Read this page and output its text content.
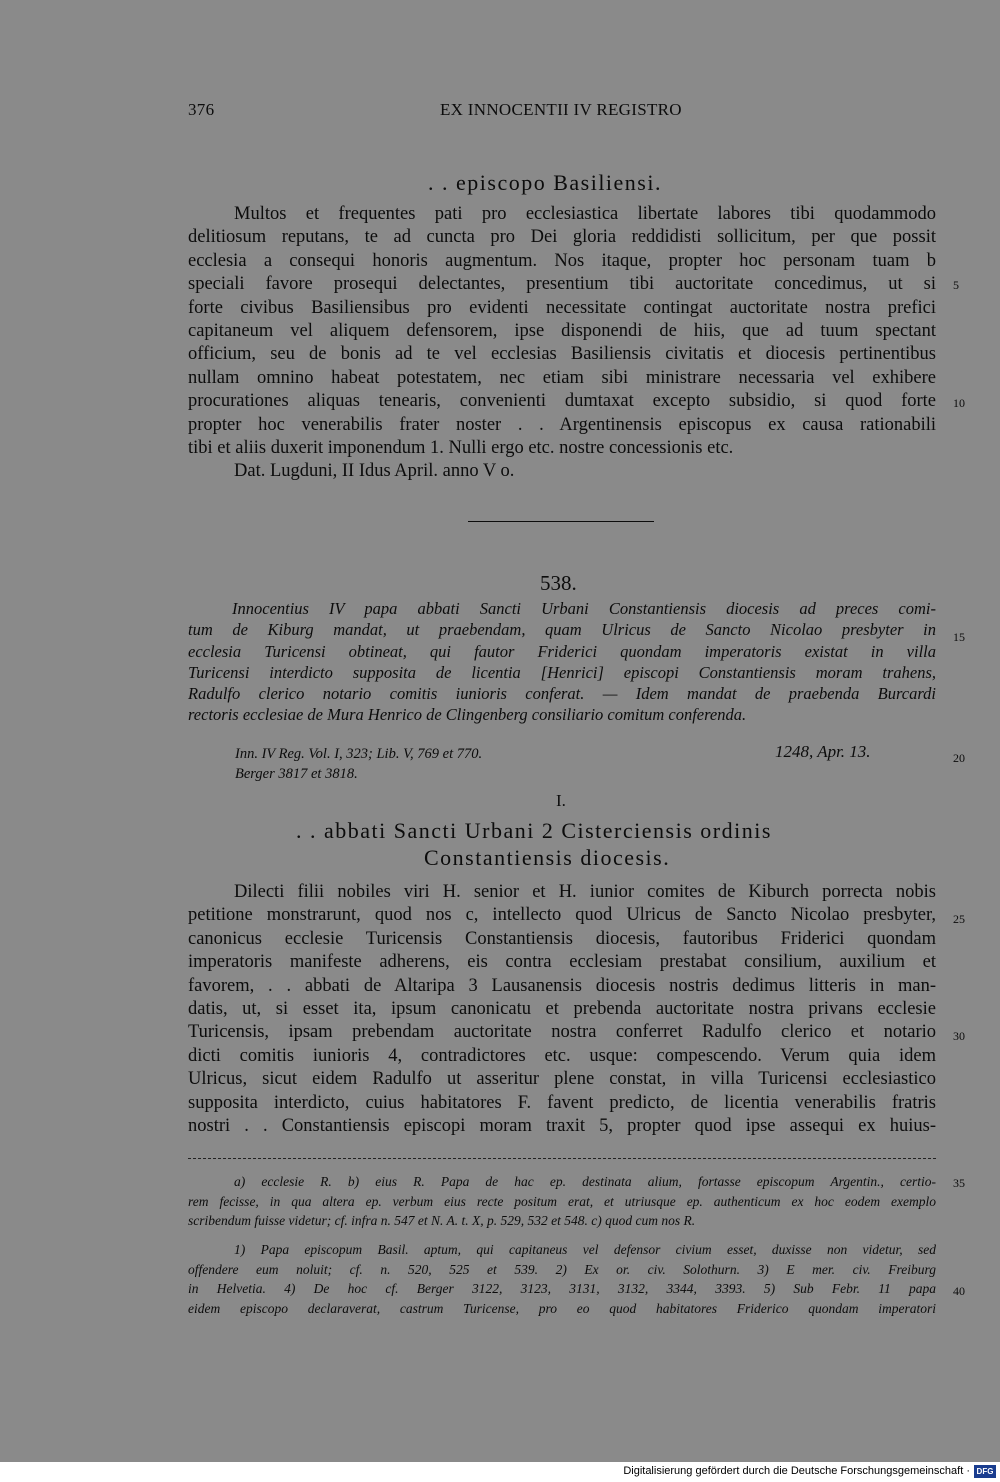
376	EX INNOCENTII IV REGISTRO
. . episcopo Basiliensi.
Multos et frequentes pati pro ecclesiastica libertate labores tibi quodammodo
delitiosum reputans, te ad cuncta pro Dei gloria reddidisti sollicitum, per que possit
ecclesia a consequi honoris augmentum. Nos itaque, propter hoc personam tuam b
speciali favore prosequi delectantes, presentium tibi auctoritate concedimus, ut si
forte civibus Basiliensibus pro evidenti necessitate contingat auctoritate nostra prefici
capitaneum vel aliquem defensorem, ipse disponendi de hiis, que ad tuum spectant
officium, seu de bonis ad te vel ecclesias Basiliensis civitatis et diocesis pertinentibus
nullam omnino habeat potestatem, nec etiam sibi ministrare necessaria vel exhibere
procurationes aliquas tenearis, convenienti dumtaxat excepto subsidio, si quod forte
propter hoc venerabilis frater noster . . Argentinensis episcopus ex causa rationabili
tibi et aliis duxerit imponendum 1. Nulli ergo etc. nostre concessionis etc.
Dat. Lugduni, II Idus April. anno V o.
5
10
538.
Innocentius IV papa abbati Sancti Urbani Constantiensis diocesis ad preces comi-
tum de Kiburg mandat, ut praebendam, quam Ulricus de Sancto Nicolao presbyter in
ecclesia Turicensi obtineat, qui fautor Friderici quondam imperatoris existat in villa
Turicensi interdicto supposita de licentia [Henrici] episcopi Constantiensis moram trahens,
Radulfo clerico notario comitis iunioris conferat. — Idem mandat de praebenda Burcardi
rectoris ecclesiae de Mura Henrico de Clingenberg consiliario comitum conferenda.
15
Inn. IV Reg. Vol. I, 323; Lib. V, 769 et 770.	1248, Apr. 13.	20
Berger 3817 et 3818.
I.
. . abbati Sancti Urbani 2 Cisterciensis ordinis
Constantiensis diocesis.
Dilecti filii nobiles viri H. senior et H. iunior comites de Kiburch porrecta nobis
petitione monstrarunt, quod nos c, intellecto quod Ulricus de Sancto Nicolao presbyter,
canonicus ecclesie Turicensis Constantiensis diocesis, fautoribus Friderici quondam
imperatoris manifeste adherens, eis contra ecclesiam prestabat consilium, auxilium et
favorem, . . abbati de Altaripa 3 Lausanensis diocesis nostris dedimus litteris in man-
datis, ut, si esset ita, ipsum canonicatu et prebenda auctoritate nostra privans ecclesie
Turicensis, ipsam prebendam auctoritate nostra conferret Radulfo clerico et notario
dicti comitis iunioris 4, contradictores etc. usque: compescendo. Verum quia idem
Ulricus, sicut eidem Radulfo ut asseritur plene constat, in villa Turicensi ecclesiastico
supposita interdicto, cuius habitatores F. favent predicto, de licentia venerabilis fratris
nostri . . Constantiensis episcopi moram traxit 5, propter quod ipse assequi ex huius-
25
30
a) ecclesie R. b) eius R. Papa de hac ep. destinata alium, fortasse episcopum Argentin., certio-
rem fecisse, in qua altera ep. verbum eius recte positum erat, et utriusque ep. authenticum ex hoc eodem exemplo
scribendum fuisse videtur; cf. infra n. 547 et N. A. t. X, p. 529, 532 et 548. c) quod cum nos R.
35
1) Papa episcopum Basil. aptum, qui capitaneus vel defensor civium esset, duxisse non videtur, sed
offendere eum noluit; cf. n. 520, 525 et 539. 2) Ex or. civ. Solothurn. 3) E mer. civ. Freiburg
in Helvetia. 4) De hoc cf. Berger 3122, 3123, 3131, 3132, 3344, 3393. 5) Sub Febr. 11 papa
eidem episcopo declaraverat, castrum Turicense, pro eo quod habitatores Friderico quondam imperatori
40
Digitalisierung gefördert durch die Deutsche Forschungsgemeinschaft · DFG
